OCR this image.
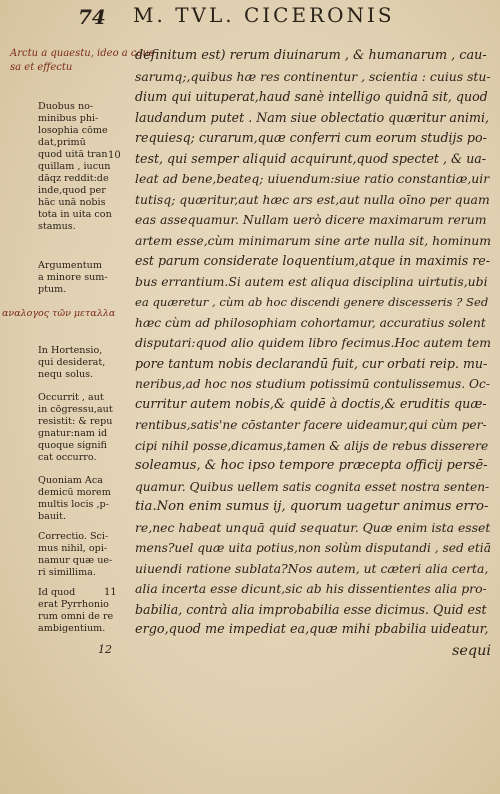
74 M. TVL. CICERONIS
Arctu a quaestu, ideo a caus
sa et effectu
αναλογος τῶν μεταλλα
Duobus no-
minibus phi-
losophia cōme
dat,primū
quod uitā tran
quillam , iucun
dāqz reddit:de
inde,quod per
hāc unā nobis
tota in uita con
stamus.
Argumentum
a minore sum-
ptum.
In Hortensio,
qui desiderat,
nequ solus.
Occurrit , aut
in cōgressu,aut
resistit: & repu
gnatur:nam id
quoque signifi
cat occurro.
Quoniam Aca
demicū morem
multis locis ,p-
bauit.
Correctio. Sci-
mus nihil, opi-
namur quæ ue-
ri simillima.
Id quod
erat Pyrrhonio
rum omni de re
ambigentium.
10
11
12
definitum est) rerum diuinarum , & humanarum , cau-
sarumq;,quibus hæ res continentur , scientia : cuius stu-
dium qui uituperat,haud sanè intelligo quidnā sit, quod
laudandum putet . Nam siue oblectatio quæritur animi,
requiesq; curarum,quæ conferri cum eorum studijs po-
test, qui semper aliquid acquirunt,quod spectet , & ua-
leat ad bene,beateq; uiuendum:siue ratio constantiæ,uir
tutisq; quæritur,aut hæc ars est,aut nulla oīno per quam
eas assequamur. Nullam uerò dicere maximarum rerum
artem esse,cùm minimarum sine arte nulla sit, hominum
est parum considerate loquentium,atque in maximis re-
bus errantium.Si autem est aliqua disciplina uirtutis,ubi
ea quæretur , cùm ab hoc discendi genere discesseris ? Sed
hæc cùm ad philosophiam cohortamur, accuratius solent
disputari:quod alio quidem libro fecimus.Hoc autem tem
pore tantum nobis declarandū fuit, cur orbati reip. mu-
neribus,ad hoc nos studium potissimū contulissemus. Oc-
curritur autem nobis,& quidē à doctis,& eruditis quæ-
rentibus,satis'ne cōstanter facere uideamur,qui cùm per-
cipi nihil posse,dicamus,tamen & alijs de rebus disserere
soleamus, & hoc ipso tempore præcepta officij persē-
quamur. Quibus uellem satis cognita esset nostra senten-
tia.Non enim sumus ij, quorum uagetur animus erro-
re,nec habeat unquā quid sequatur. Quæ enim ista esset
mens?uel quæ uita potius,non solùm disputandi , sed etiā
uiuendi ratione sublata?Nos autem, ut cæteri alia certa,
alia incerta esse dicunt,sic ab his dissentientes alia pro-
babilia, contrà alia improbabilia esse dicimus. Quid est
ergo,quod me impediat ea,quæ mihi pbabilia uideatur,
sequi
